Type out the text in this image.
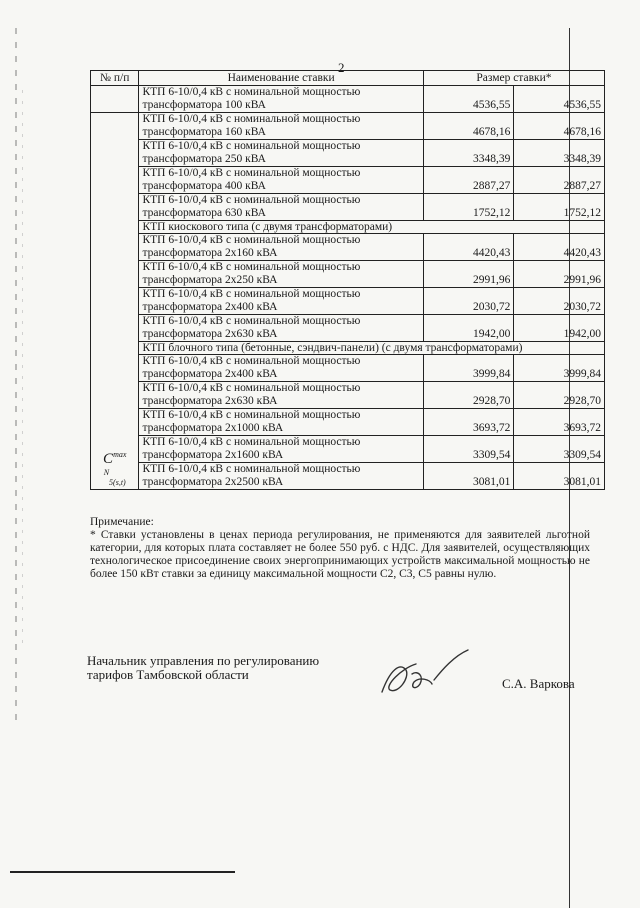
2
№ п/п	Наименование ставки	Размер ставки*	
	КТП 6-10/0,4 кВ с номинальной мощностью трансформатора 100 кВА	4536,55	4536,55
$C^{max N}_{5(s,t)}$	КТП 6-10/0,4 кВ с номинальной мощностью трансформатора 160 кВА	4678,16	4678,16
	КТП 6-10/0,4 кВ с номинальной мощностью трансформатора 250 кВА	3348,39	3348,39
	КТП 6-10/0,4 кВ с номинальной мощностью трансформатора 400 кВА	2887,27	2887,27
	КТП 6-10/0,4 кВ с номинальной мощностью трансформатора 630 кВА	1752,12	1752,12
	КТП киоскового типа (с двумя трансформаторами)		
	КТП 6-10/0,4 кВ с номинальной мощностью трансформатора 2х160 кВА	4420,43	4420,43
	КТП 6-10/0,4 кВ с номинальной мощностью трансформатора 2х250 кВА	2991,96	2991,96
	КТП 6-10/0,4 кВ с номинальной мощностью трансформатора 2х400 кВА	2030,72	2030,72
	КТП 6-10/0,4 кВ с номинальной мощностью трансформатора 2х630 кВА	1942,00	1942,00
	КТП блочного типа (бетонные, сэндвич-панели) (с двумя трансформаторами)		
	КТП 6-10/0,4 кВ с номинальной мощностью трансформатора 2х400 кВА	3999,84	3999,84
	КТП 6-10/0,4 кВ с номинальной мощностью трансформатора 2х630 кВА	2928,70	2928,70
	КТП 6-10/0,4 кВ с номинальной мощностью трансформатора 2х1000 кВА	3693,72	3693,72
	КТП 6-10/0,4 кВ с номинальной мощностью трансформатора 2х1600 кВА	3309,54	3309,54
	КТП 6-10/0,4 кВ с номинальной мощностью трансформатора 2х2500 кВА	3081,01	3081,01

Примечание:

* Ставки установлены в ценах периода регулирования, не применяются для заявителей льготной категории, для которых плата составляет не более 550 руб. с НДС. Для заявителей, осуществляющих технологическое присоединение своих энергопринимающих устройств максимальной мощностью не более 150 кВт ставки за единицу максимальной мощности С2, С3, С5 равны нулю.

Начальник управления по регулированию
тарифов Тамбовской области
С.А. Варкова
